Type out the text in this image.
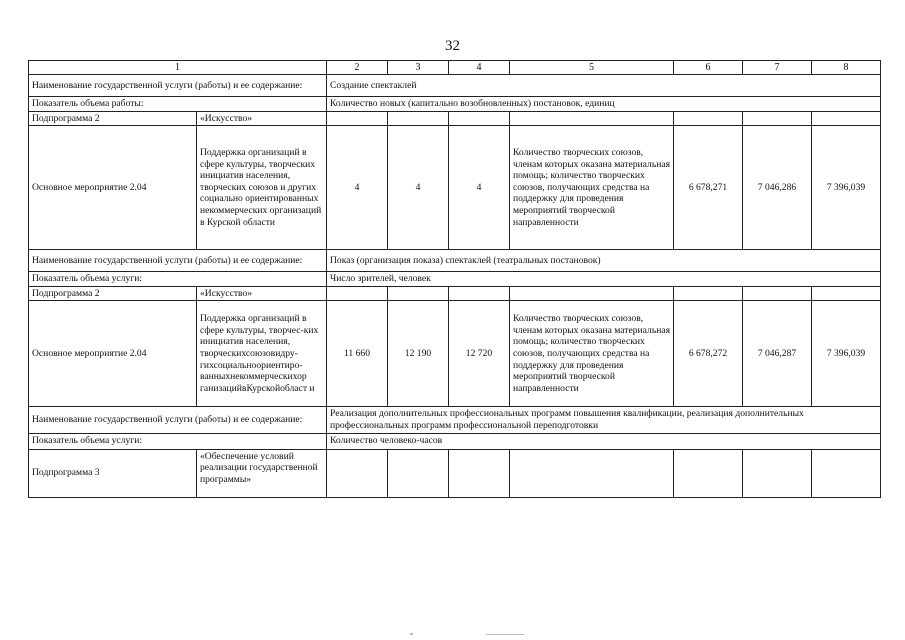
32
1		2	3	4	5	6	7	8
Наименование государственной услуги (работы) и ее содержание:		Создание спектаклей						
Показатель объема работы:		Количество новых (капитально возобновленных) постановок, единиц						
Подпрограмма 2	«Искусство»							
Основное мероприятие 2.04	Поддержка организаций в сфере культуры, творческих инициатив населения, творческих союзов и других социально ориентированных некоммерческих организаций в Курской области	4	4	4	Количество творческих союзов, членам которых оказана материальная помощь; количество творческих союзов, получающих средства на поддержку для проведения мероприятий творческой направленности	6 678,271	7 046,286	7 396,039
Наименование государственной услуги (работы) и ее содержание:		Показ (организация показа) спектаклей (театральных постановок)						
Показатель объема услуги:		Число зрителей, человек						
Подпрограмма 2	«Искусство»							
Основное мероприятие 2.04	Поддержка организаций в сфере культуры, творчес-ких инициатив населения, творческихсоюзовидру-гихсоциальноориентиро-ванныхнекоммерческихор ганизацийвКурскойоблаcт и	11 660	12 190	12 720	Количество творческих союзов, членам которых оказана материальная помощь; количество творческих союзов, получающих средства на поддержку для проведения мероприятий творческой направленности	6 678,272	7 046,287	7 396,039
Наименование государственной услуги (работы) и ее содержание:		Реализация дополнительных профессиональных программ повышения квалификации, реализация дополнительных профессиональных программ профессиональной переподготовки						
Показатель объема услуги:		Количество человеко-часов						
Подпрограмма 3	«Обеспечение условий реализации государственной программы»							
